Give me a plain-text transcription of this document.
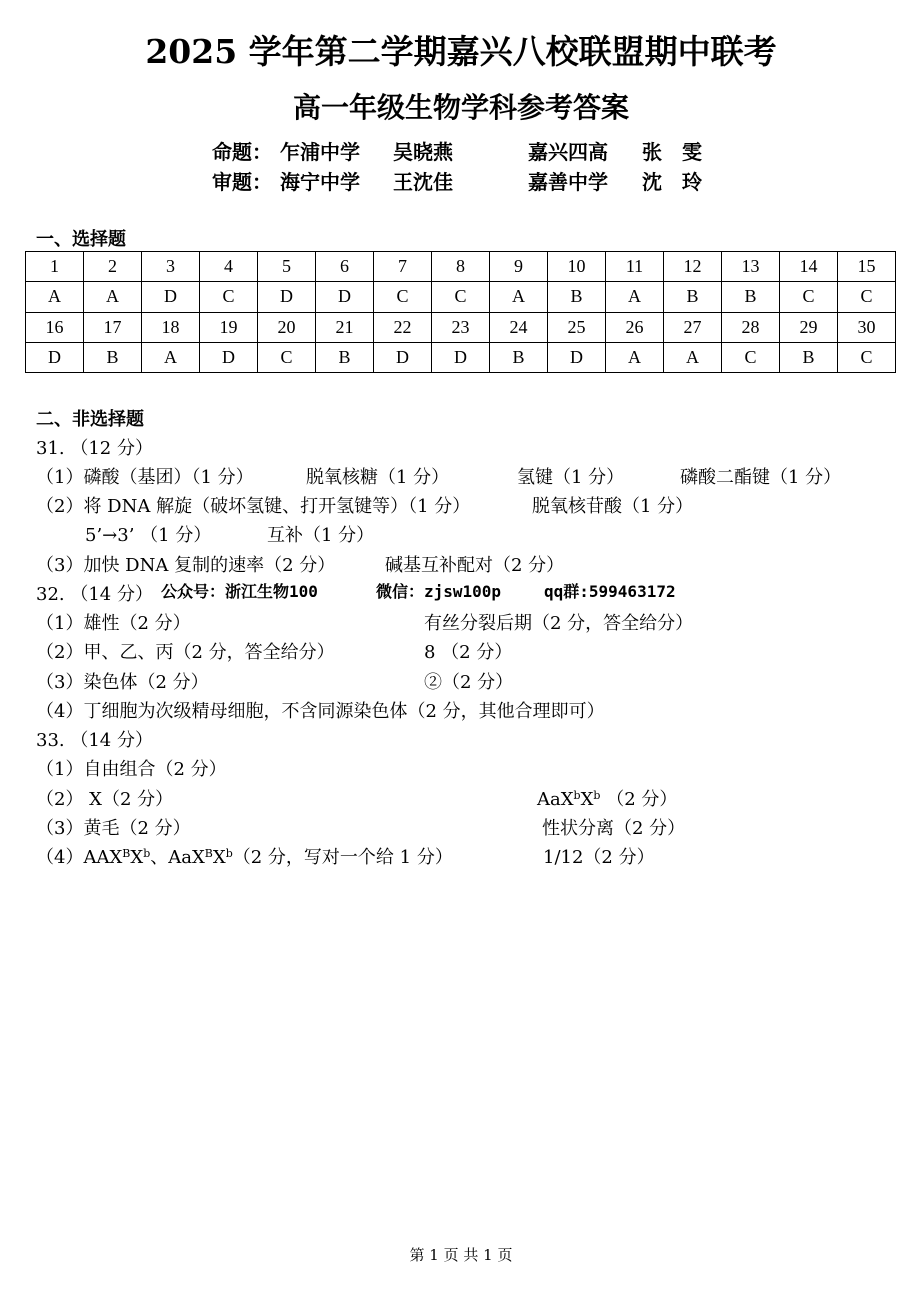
2025 学年第二学期嘉兴八校联盟期中联考
高一年级生物学科参考答案
命题： 乍浦中学 吴晓燕	嘉兴四高 张　雯
审题： 海宁中学 王沈佳	嘉善中学 沈　玲
一、选择题
1	2	3	4	5	6	7	8	9	10	11	12	13	14	15
A	A	D	C	D	D	C	C	A	B	A	B	B	C	C
16	17	18	19	20	21	22	23	24	25	26	27	28	29	30
D	B	A	D	C	B	D	D	B	D	A	A	C	B	C
二、非选择题
31. （12 分）
（1）磷酸（基团）（1 分）	脱氧核糖（1 分）	氢键（1 分）	磷酸二酯键（1 分）
（2）将 DNA 解旋（破坏氢键、打开氢键等）（1 分）	脱氧核苷酸（1 分）
5’→3’ （1 分）	互补（1 分）
（3）加快 DNA 复制的速率（2 分）	碱基互补配对（2 分）
32. （14 分） 公众号：浙江生物100	微信：zjsw100p	qq群:599463172
（1）雄性（2 分）	有丝分裂后期（2 分，答全给分）
（2）甲、乙、丙（2 分，答全给分）	8 （2 分）
（3）染色体（2 分）	②（2 分）
（4）丁细胞为次级精母细胞，不含同源染色体（2 分，其他合理即可）
33. （14 分）
（1）自由组合（2 分）
（2） X（2 分）	$AaX^bX^b$ （2 分）
（3）黄毛（2 分）	性状分离（2 分）
$(4)AAX^BX^b$、$AaX^BX^b(2$ 分，写对一个给 1 分）	1/12（2 分）
第 1 页 共 1 页
